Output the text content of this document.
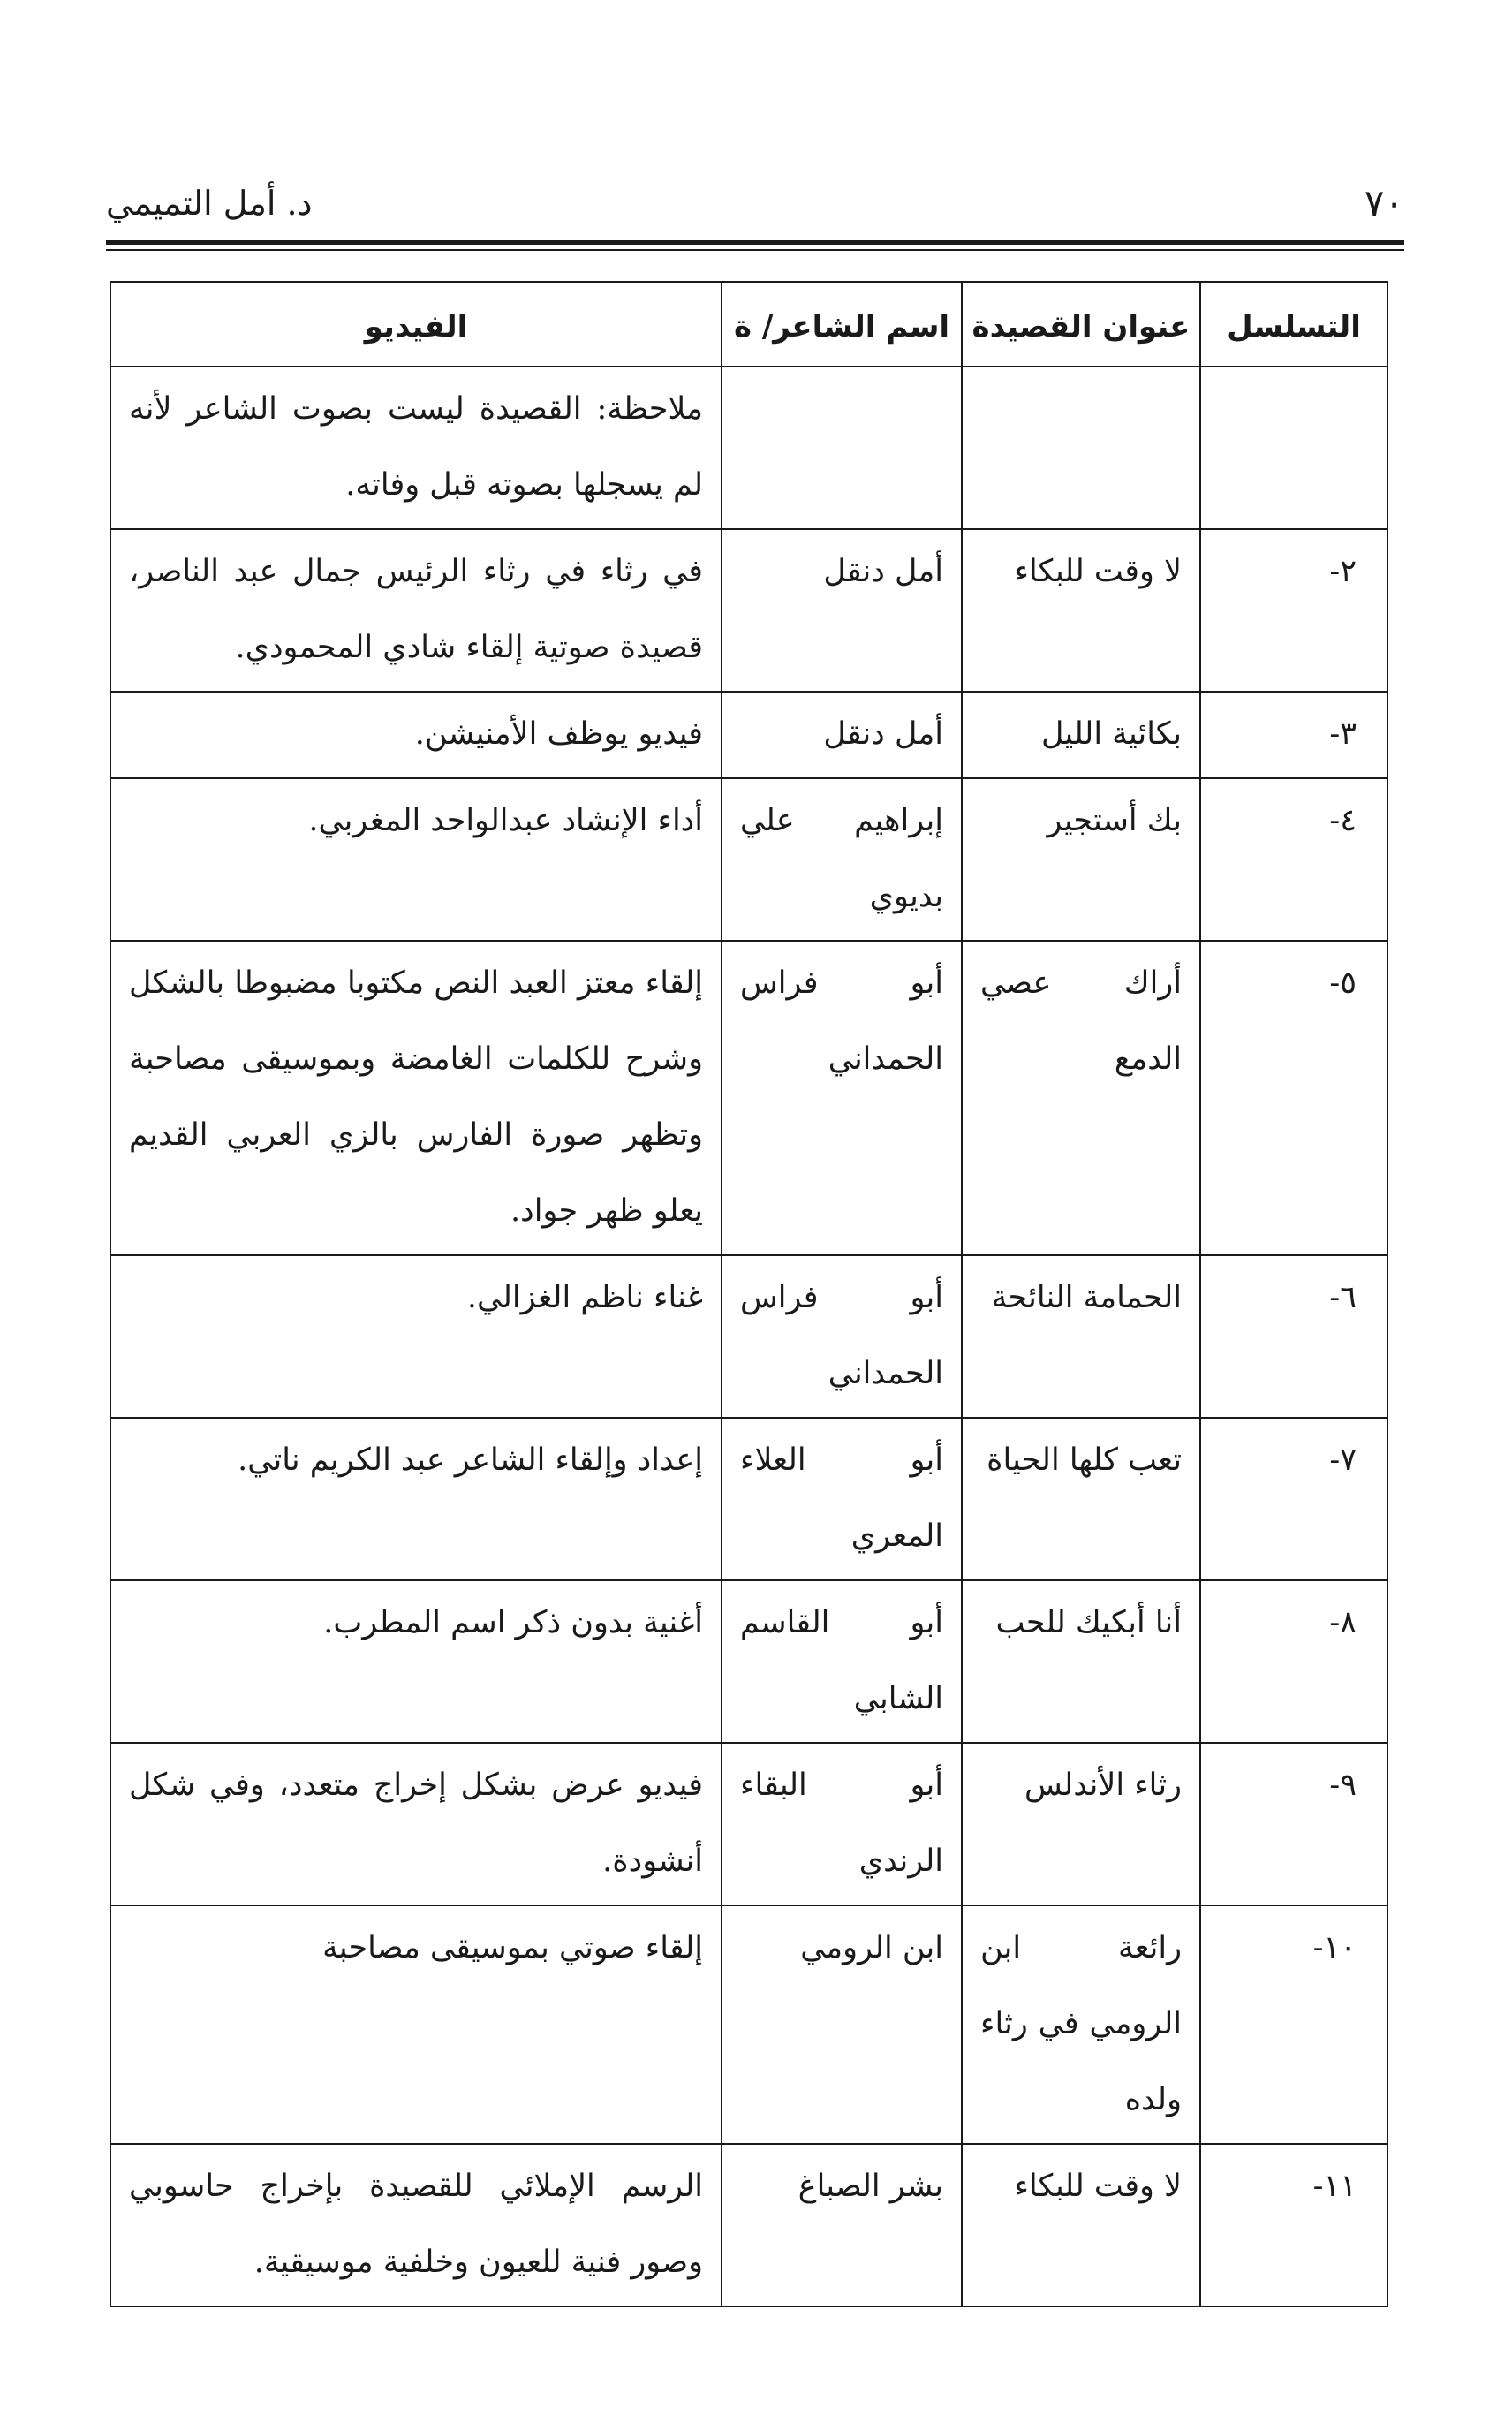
٧٠
د. أمل التميمي
التسلسل	عنوان القصيدة	اسم الشاعر/ ة	الفيديو
			ملاحظة: القصيدة ليست بصوت الشاعر لأنه لم يسجلها بصوته قبل وفاته.
٢-	لا وقت للبكاء	أمل دنقل	في رثاء في رثاء الرئيس جمال عبد الناصر، قصيدة صوتية إلقاء شادي المحمودي.
٣-	بكائية الليل	أمل دنقل	فيديو يوظف الأمنيشن.
٤-	بك أستجير	إبراهيم علي بديوي	أداء الإنشاد عبدالواحد المغربي.
٥-	أراك عصي الدمع	أبو فراس الحمداني	إلقاء معتز العبد النص مكتوبا مضبوطا بالشكل وشرح للكلمات الغامضة وبموسيقى مصاحبة وتظهر صورة الفارس بالزي العربي القديم يعلو ظهر جواد.
٦-	الحمامة النائحة	أبو فراس الحمداني	غناء ناظم الغزالي.
٧-	تعب كلها الحياة	أبو العلاء المعري	إعداد وإلقاء الشاعر عبد الكريم ناتي.
٨-	أنا أبكيك للحب	أبو القاسم الشابي	أغنية بدون ذكر اسم المطرب.
٩-	رثاء الأندلس	أبو البقاء الرندي	فيديو عرض بشكل إخراج متعدد، وفي شكل أنشودة.
١٠-	رائعة ابن الرومي في رثاء ولده	ابن الرومي	إلقاء صوتي بموسيقى مصاحبة
١١-	لا وقت للبكاء	بشر الصباغ	الرسم الإملائي للقصيدة بإخراج حاسوبي وصور فنية للعيون وخلفية موسيقية.
